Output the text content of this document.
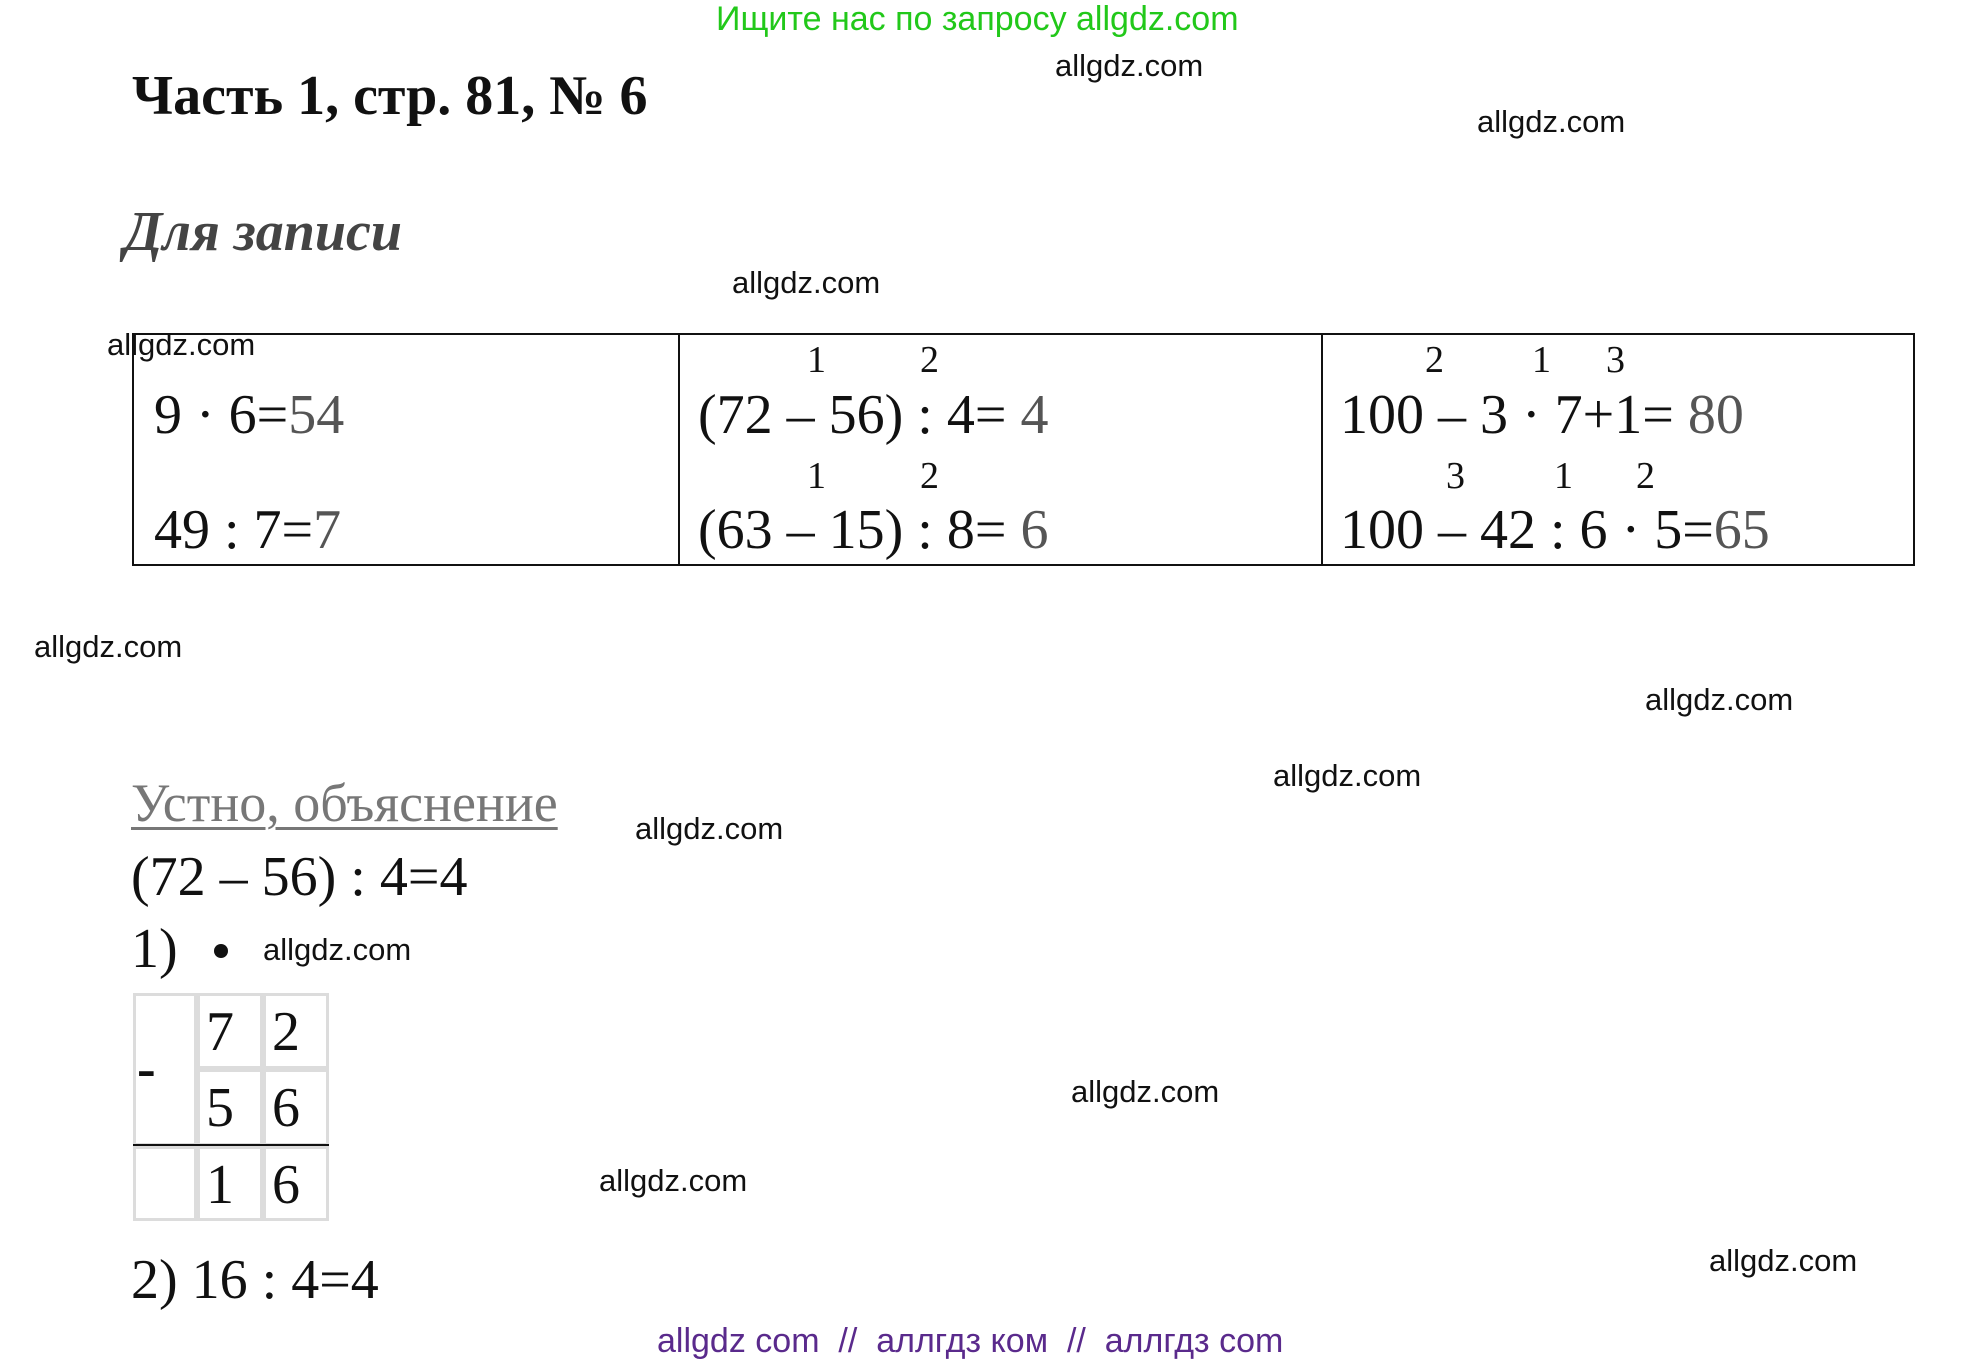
Ищите нас по запросу allgdz.com
Часть 1, стр. 81, № 6
Для записи
allgdz.com
allgdz.com
allgdz.com
allgdz.com
allgdz.com
allgdz.com
allgdz.com
allgdz.com
allgdz.com
allgdz.com
allgdz.com
allgdz.com
9 · 6=54
49 : 7=7
1 2
(72 – 56) : 4= 4
1 2
(63 – 15) : 8= 6
2 1 3
100 – 3 · 7+1= 80
3 1 2
100 – 42 : 6 · 5=65
Устно, объяснение
(72 – 56) : 4=4
1)
-
7 2
5 6
1 6
2) 16 : 4=4
allgdz com  //  аллгдз ком  //  аллгдз com
